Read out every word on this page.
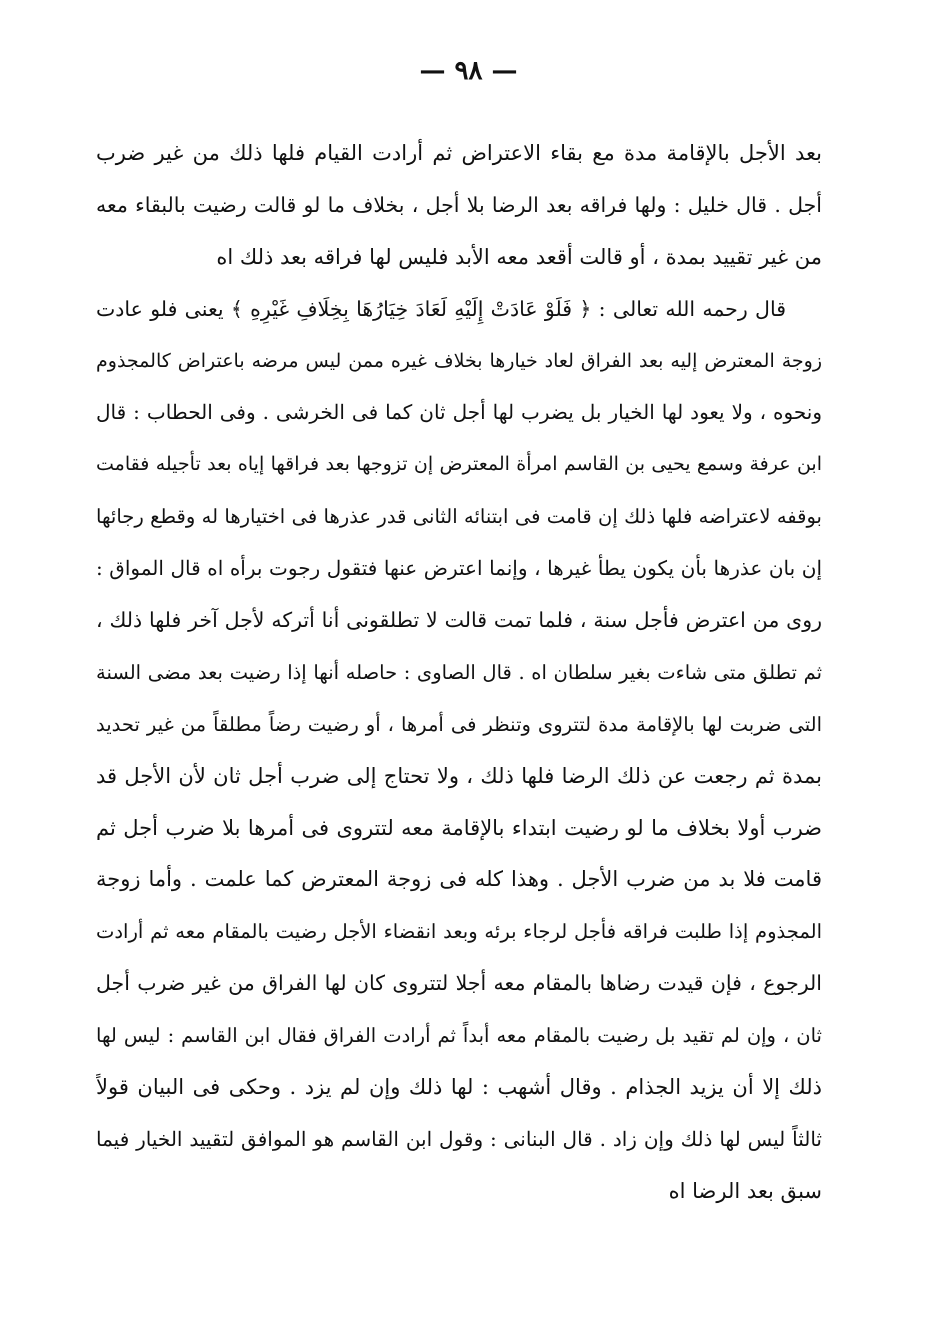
— ٩٨ —
بعد الأجل بالإقامة مدة مع بقاء الاعتراض ثم أرادت القيام فلها ذلك من غير ضرب
أجل . قال خليل : ولها فراقه بعد الرضا بلا أجل ، بخلاف ما لو قالت رضيت بالبقاء معه
من غير تقييد بمدة ، أو قالت أقعد معه الأبد فليس لها فراقه بعد ذلك اه
قال رحمه الله تعالى : ﴿ فَلَوْ عَادَتْ إِلَيْهِ لَعَادَ خِيَارُهَا بِخِلَافِ غَيْرِهِ ﴾ يعنى فلو عادت
زوجة المعترض إليه بعد الفراق لعاد خيارها بخلاف غيره ممن ليس مرضه باعتراض كالمجذوم
ونحوه ، ولا يعود لها الخيار بل يضرب لها أجل ثان كما فى الخرشى . وفى الحطاب : قال
ابن عرفة وسمع يحيى بن القاسم امرأة المعترض إن تزوجها بعد فراقها إياه بعد تأجيله فقامت
بوقفه لاعتراضه فلها ذلك إن قامت فى ابتنائه الثانى قدر عذرها فى اختيارها له وقطع رجائها
إن بان عذرها بأن يكون يطأ غيرها ، وإنما اعترض عنها فتقول رجوت برأه اه قال المواق :
روى من اعترض فأجل سنة ، فلما تمت قالت لا تطلقونى أنا أتركه لأجل آخر فلها ذلك ،
ثم تطلق متى شاءت بغير سلطان اه . قال الصاوى : حاصله أنها إذا رضيت بعد مضى السنة
التى ضربت لها بالإقامة مدة لتتروى وتنظر فى أمرها ، أو رضيت رضاً مطلقاً من غير تحديد
بمدة ثم رجعت عن ذلك الرضا فلها ذلك ، ولا تحتاج إلى ضرب أجل ثان لأن الأجل قد
ضرب أولا بخلاف ما لو رضيت ابتداء بالإقامة معه لتتروى فى أمرها بلا ضرب أجل ثم
قامت فلا بد من ضرب الأجل . وهذا كله فى زوجة المعترض كما علمت . وأما زوجة
المجذوم إذا طلبت فراقه فأجل لرجاء برئه وبعد انقضاء الأجل رضيت بالمقام معه ثم أرادت
الرجوع ، فإن قيدت رضاها بالمقام معه أجلا لتتروى كان لها الفراق من غير ضرب أجل
ثان ، وإن لم تقيد بل رضيت بالمقام معه أبداً ثم أرادت الفراق فقال ابن القاسم : ليس لها
ذلك إلا أن يزيد الجذام . وقال أشهب : لها ذلك وإن لم يزد . وحكى فى البيان قولاً
ثالثاً ليس لها ذلك وإن زاد . قال البنانى : وقول ابن القاسم هو الموافق لتقييد الخيار فيما
سبق بعد الرضا اه
